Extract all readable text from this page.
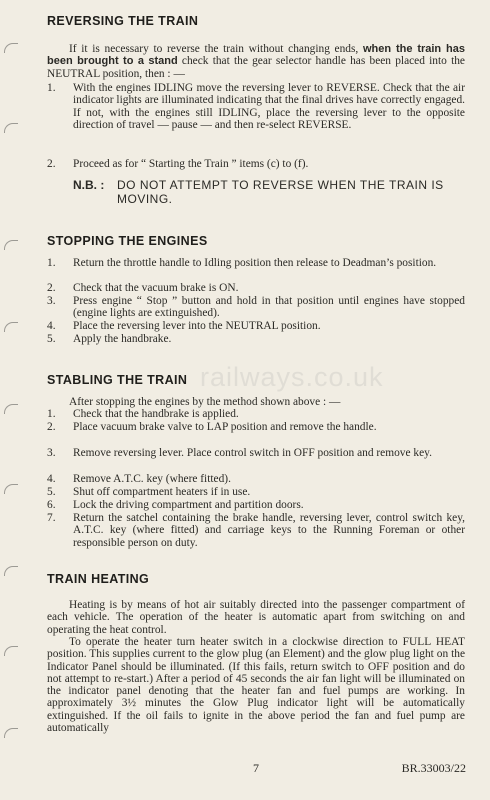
railways.co.uk
REVERSING THE TRAIN

If it is necessary to reverse the train without changing ends, when the train has been brought to a stand check that the gear selector handle has been placed into the NEUTRAL position, then : —

1. With the engines IDLING move the reversing lever to REVERSE. Check that the air indicator lights are illuminated indicating that the final drives have correctly engaged. If not, with the engines still IDLING, place the reversing lever to the opposite direction of travel — pause — and then re-select REVERSE.
2. Proceed as for “ Starting the Train ” items (c) to (f).
N.B. : DO NOT ATTEMPT TO REVERSE WHEN THE TRAIN IS MOVING.
STOPPING THE ENGINES
1. Return the throttle handle to Idling position then release to Deadman’s position.
2. Check that the vacuum brake is ON.
3. Press engine “ Stop ” button and hold in that position until engines have stopped (engine lights are extinguished).
4. Place the reversing lever into the NEUTRAL position.
5. Apply the handbrake.
STABLING THE TRAIN

After stopping the engines by the method shown above : —

1. Check that the handbrake is applied.
2. Place vacuum brake valve to LAP position and remove the handle.
3. Remove reversing lever. Place control switch in OFF position and remove key.
4. Remove A.T.C. key (where fitted).
5. Shut off compartment heaters if in use.
6. Lock the driving compartment and partition doors.
7. Return the satchel containing the brake handle, reversing lever, control switch key, A.T.C. key (where fitted) and carriage keys to the Running Foreman or other responsible person on duty.
TRAIN HEATING

Heating is by means of hot air suitably directed into the passenger compartment of each vehicle. The operation of the heater is automatic apart from switching on and operating the heat control.

To operate the heater turn heater switch in a clockwise direction to FULL HEAT position. This supplies current to the glow plug (an Element) and the glow plug light on the Indicator Panel should be illuminated. (If this fails, return switch to OFF position and do not attempt to re-start.) After a period of 45 seconds the air fan light will be illuminated on the indicator panel denoting that the heater fan and fuel pumps are working. In approximately 3½ minutes the Glow Plug indicator light will be automatically extinguished. If the oil fails to ignite in the above period the fan and fuel pump are automatically

7	BR.33003/22
